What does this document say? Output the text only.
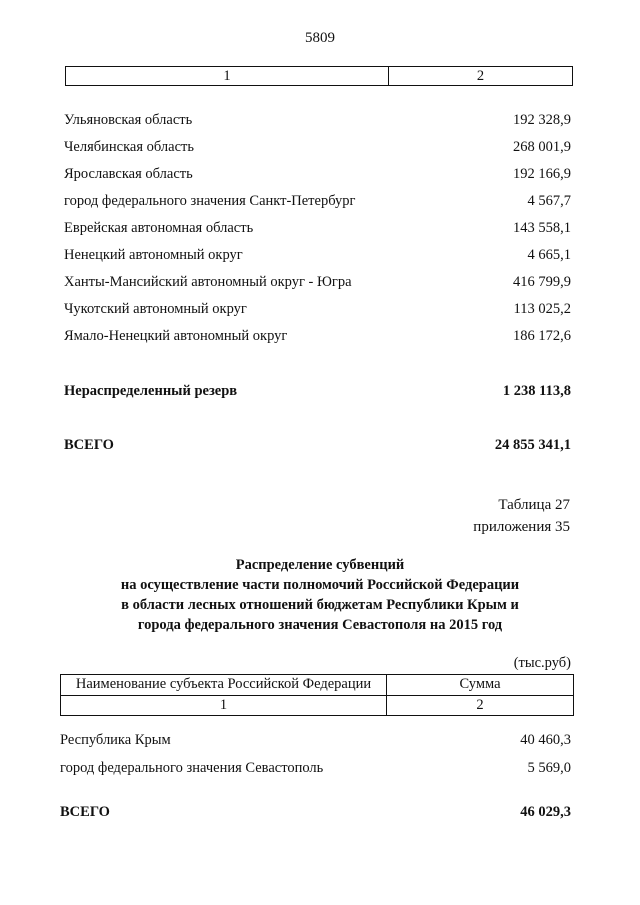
5809
1	2
Ульяновская область	192 328,9
Челябинская область	268 001,9
Ярославская область	192 166,9
город федерального значения Санкт-Петербург	4 567,7
Еврейская автономная область	143 558,1
Ненецкий автономный округ	4 665,1
Ханты-Мансийский автономный округ - Югра	416 799,9
Чукотский автономный округ	113 025,2
Ямало-Ненецкий автономный округ	186 172,6
Нераспределенный резерв	1 238 113,8
ВСЕГО	24 855 341,1
Таблица 27
приложения 35
Распределение субвенций
на осуществление части полномочий Российской Федерации
в области лесных отношений бюджетам Республики Крым и
города федерального значения Севастополя на 2015 год
(тыс.руб)
Наименование субъекта Российской Федерации	Сумма
1	2
Республика Крым	40 460,3
город федерального значения Севастополь	5 569,0
ВСЕГО	46 029,3
